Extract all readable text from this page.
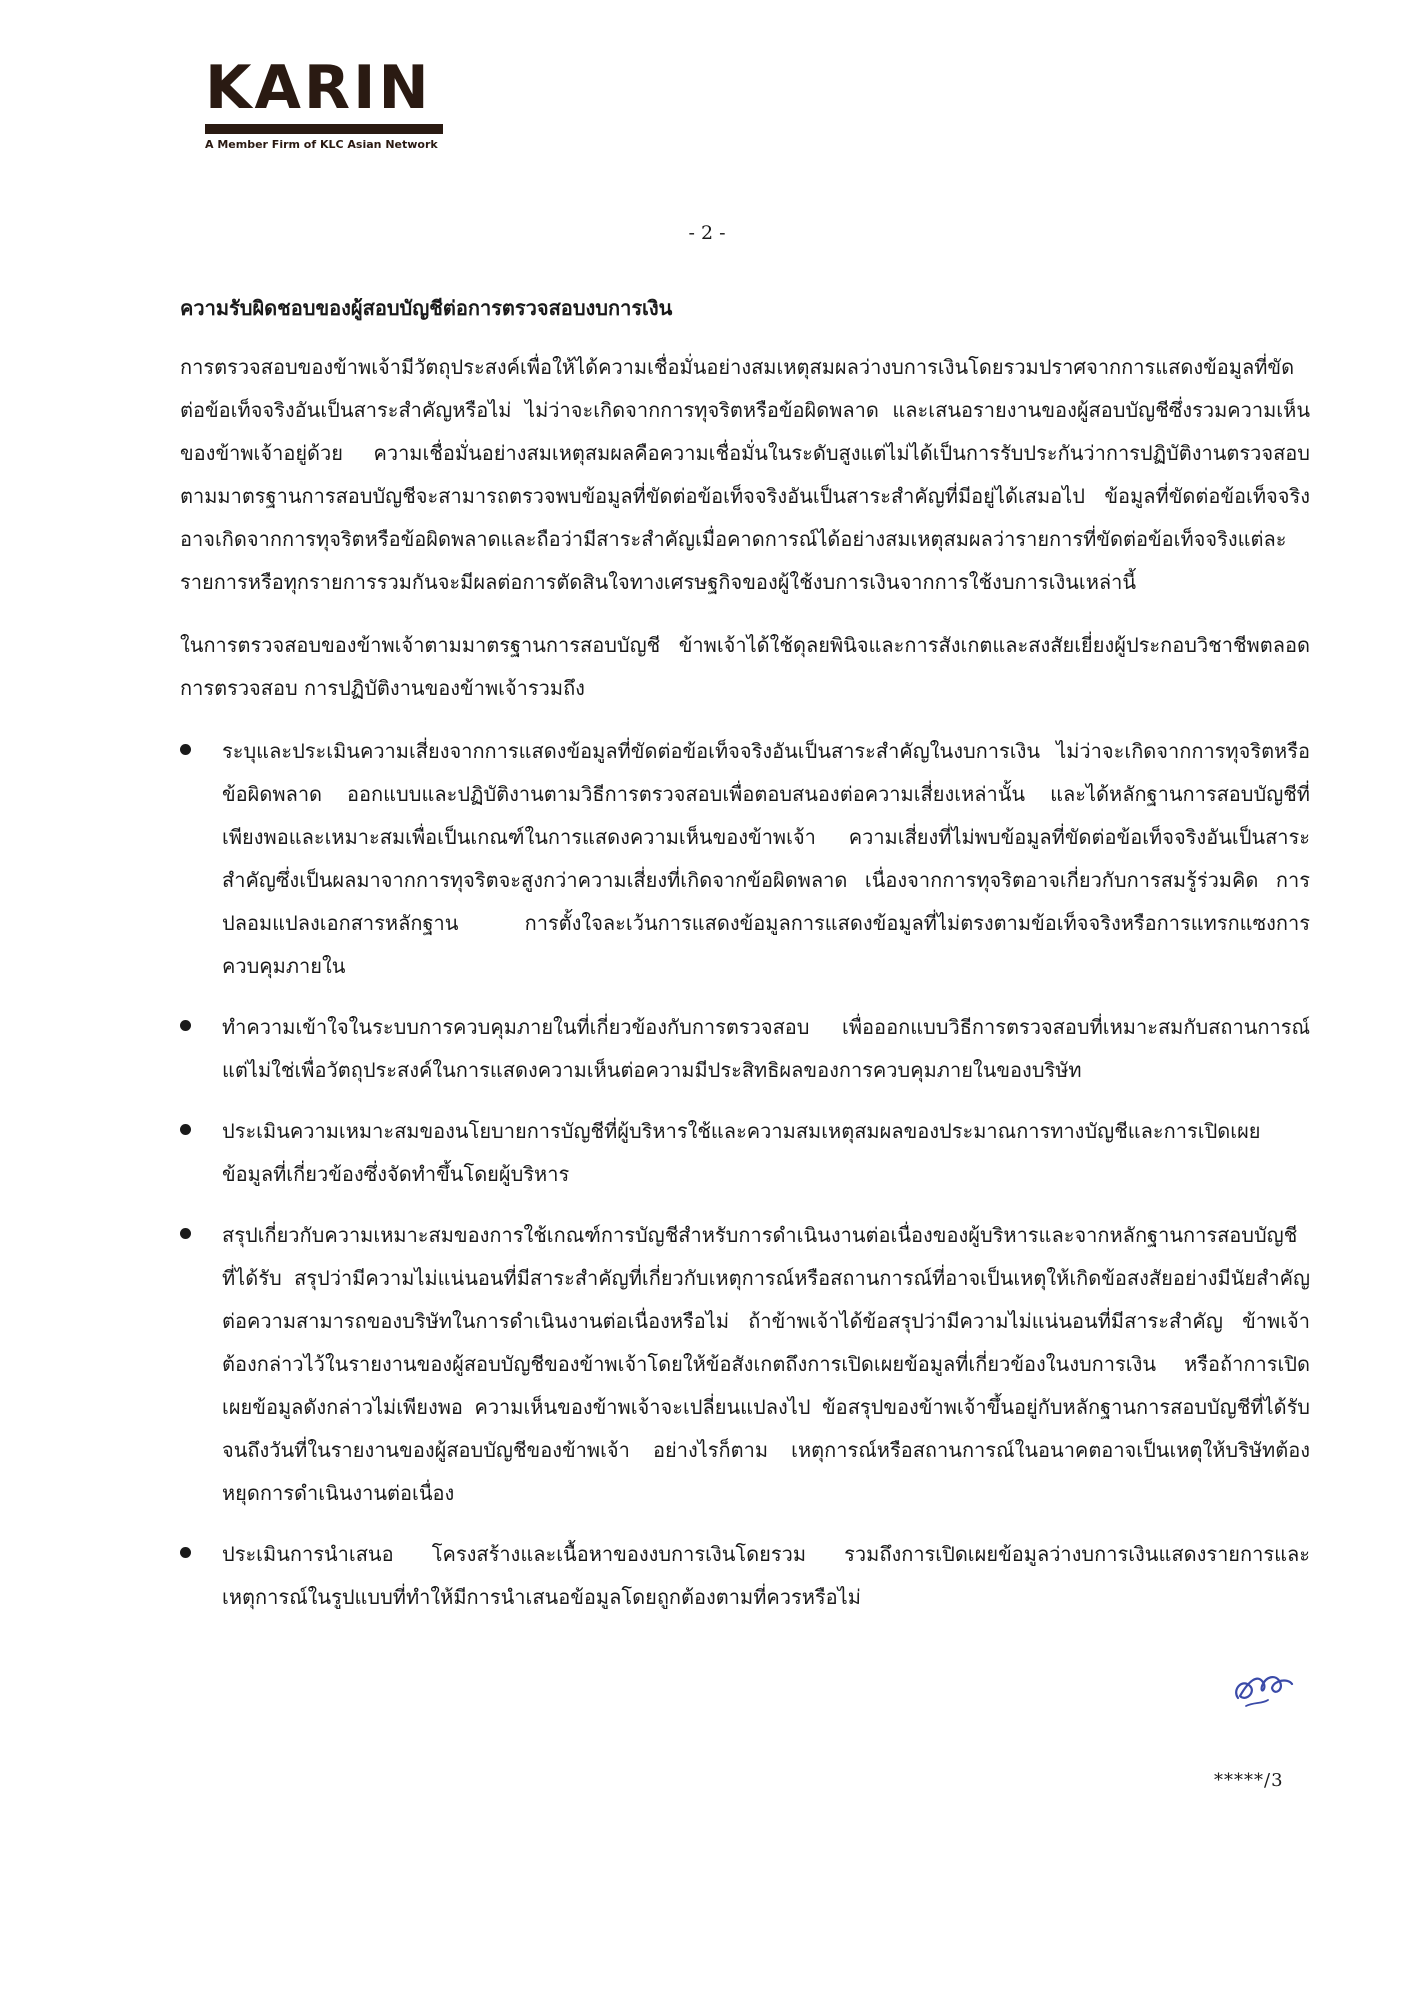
KARIN
A Member Firm of KLC Asian Network
- 2 -
ความรับผิดชอบของผู้สอบบัญชีต่อการตรวจสอบงบการเงิน

การตรวจสอบของข้าพเจ้ามีวัตถุประสงค์เพื่อให้ได้ความเชื่อมั่นอย่างสมเหตุสมผลว่างบการเงินโดยรวมปราศจากการแสดงข้อมูลที่ขัดต่อข้อเท็จจริงอันเป็นสาระสำคัญหรือไม่ ไม่ว่าจะเกิดจากการทุจริตหรือข้อผิดพลาด และเสนอรายงานของผู้สอบบัญชีซึ่งรวมความเห็นของข้าพเจ้าอยู่ด้วย ความเชื่อมั่นอย่างสมเหตุสมผลคือความเชื่อมั่นในระดับสูงแต่ไม่ได้เป็นการรับประกันว่าการปฏิบัติงานตรวจสอบตามมาตรฐานการสอบบัญชีจะสามารถตรวจพบข้อมูลที่ขัดต่อข้อเท็จจริงอันเป็นสาระสำคัญที่มีอยู่ได้เสมอไป ข้อมูลที่ขัดต่อข้อเท็จจริงอาจเกิดจากการทุจริตหรือข้อผิดพลาดและถือว่ามีสาระสำคัญเมื่อคาดการณ์ได้อย่างสมเหตุสมผลว่ารายการที่ขัดต่อข้อเท็จจริงแต่ละรายการหรือทุกรายการรวมกันจะมีผลต่อการตัดสินใจทางเศรษฐกิจของผู้ใช้งบการเงินจากการใช้งบการเงินเหล่านี้

ในการตรวจสอบของข้าพเจ้าตามมาตรฐานการสอบบัญชี ข้าพเจ้าได้ใช้ดุลยพินิจและการสังเกตและสงสัยเยี่ยงผู้ประกอบวิชาชีพตลอดการตรวจสอบ การปฏิบัติงานของข้าพเจ้ารวมถึง

ระบุและประเมินความเสี่ยงจากการแสดงข้อมูลที่ขัดต่อข้อเท็จจริงอันเป็นสาระสำคัญในงบการเงิน ไม่ว่าจะเกิดจากการทุจริตหรือข้อผิดพลาด ออกแบบและปฏิบัติงานตามวิธีการตรวจสอบเพื่อตอบสนองต่อความเสี่ยงเหล่านั้น และได้หลักฐานการสอบบัญชีที่เพียงพอและเหมาะสมเพื่อเป็นเกณฑ์ในการแสดงความเห็นของข้าพเจ้า ความเสี่ยงที่ไม่พบข้อมูลที่ขัดต่อข้อเท็จจริงอันเป็นสาระสำคัญซึ่งเป็นผลมาจากการทุจริตจะสูงกว่าความเสี่ยงที่เกิดจากข้อผิดพลาด เนื่องจากการทุจริตอาจเกี่ยวกับการสมรู้ร่วมคิด การปลอมแปลงเอกสารหลักฐาน การตั้งใจละเว้นการแสดงข้อมูลการแสดงข้อมูลที่ไม่ตรงตามข้อเท็จจริงหรือการแทรกแซงการควบคุมภายใน
ทำความเข้าใจในระบบการควบคุมภายในที่เกี่ยวข้องกับการตรวจสอบ เพื่อออกแบบวิธีการตรวจสอบที่เหมาะสมกับสถานการณ์ แต่ไม่ใช่เพื่อวัตถุประสงค์ในการแสดงความเห็นต่อความมีประสิทธิผลของการควบคุมภายในของบริษัท
ประเมินความเหมาะสมของนโยบายการบัญชีที่ผู้บริหารใช้และความสมเหตุสมผลของประมาณการทางบัญชีและการเปิดเผยข้อมูลที่เกี่ยวข้องซึ่งจัดทำขึ้นโดยผู้บริหาร
สรุปเกี่ยวกับความเหมาะสมของการใช้เกณฑ์การบัญชีสำหรับการดำเนินงานต่อเนื่องของผู้บริหารและจากหลักฐานการสอบบัญชีที่ได้รับ สรุปว่ามีความไม่แน่นอนที่มีสาระสำคัญที่เกี่ยวกับเหตุการณ์หรือสถานการณ์ที่อาจเป็นเหตุให้เกิดข้อสงสัยอย่างมีนัยสำคัญต่อความสามารถของบริษัทในการดำเนินงานต่อเนื่องหรือไม่ ถ้าข้าพเจ้าได้ข้อสรุปว่ามีความไม่แน่นอนที่มีสาระสำคัญ ข้าพเจ้าต้องกล่าวไว้ในรายงานของผู้สอบบัญชีของข้าพเจ้าโดยให้ข้อสังเกตถึงการเปิดเผยข้อมูลที่เกี่ยวข้องในงบการเงิน หรือถ้าการเปิดเผยข้อมูลดังกล่าวไม่เพียงพอ ความเห็นของข้าพเจ้าจะเปลี่ยนแปลงไป ข้อสรุปของข้าพเจ้าขึ้นอยู่กับหลักฐานการสอบบัญชีที่ได้รับจนถึงวันที่ในรายงานของผู้สอบบัญชีของข้าพเจ้า อย่างไรก็ตาม เหตุการณ์หรือสถานการณ์ในอนาคตอาจเป็นเหตุให้บริษัทต้องหยุดการดำเนินงานต่อเนื่อง
ประเมินการนำเสนอ โครงสร้างและเนื้อหาของงบการเงินโดยรวม รวมถึงการเปิดเผยข้อมูลว่างบการเงินแสดงรายการและเหตุการณ์ในรูปแบบที่ทำให้มีการนำเสนอข้อมูลโดยถูกต้องตามที่ควรหรือไม่
*****/3
